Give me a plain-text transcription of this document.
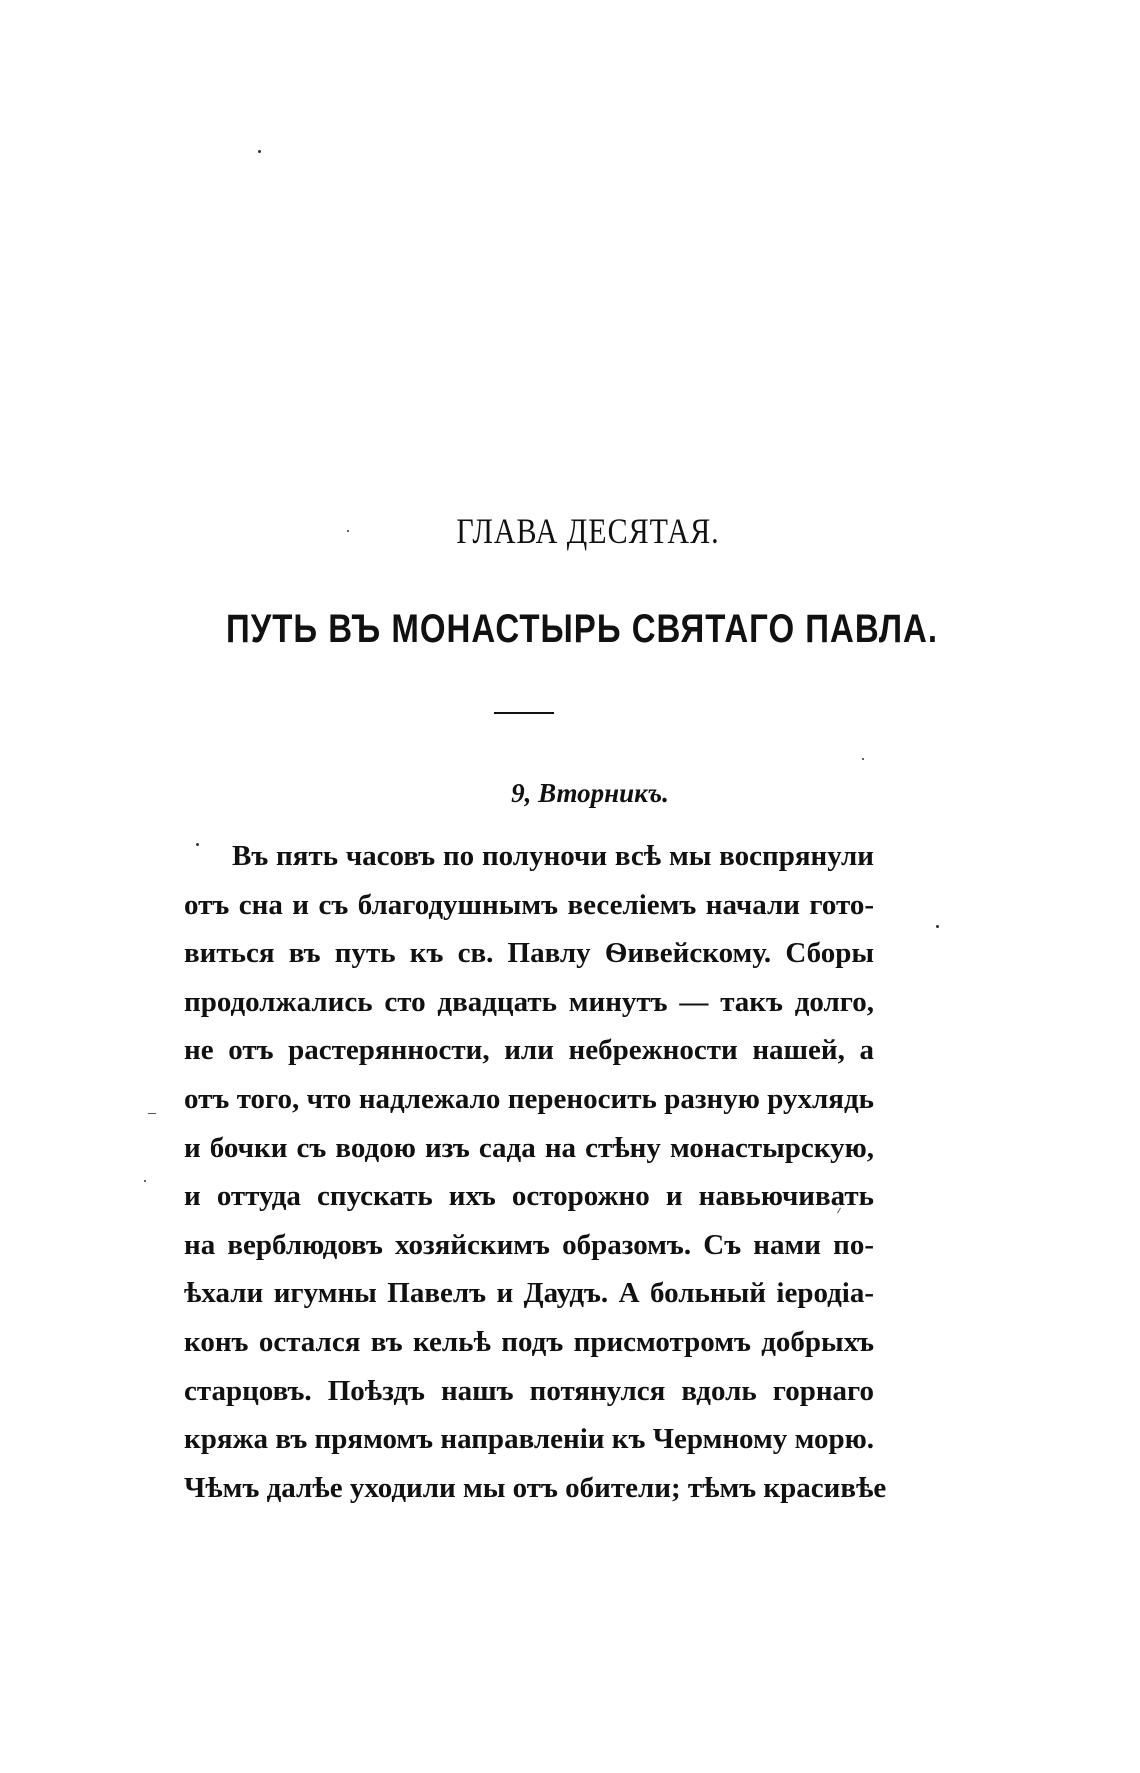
ГЛАВА ДЕСЯТАЯ.
ПУТЬ ВЪ МОНАСТЫРЬ СВЯТАГО ПАВЛА.
9, Вторникъ.
Въ пять часовъ по полуночи всѣ мы воспрянули
отъ сна и съ благодушнымъ веселіемъ начали гото-
виться въ путь къ св. Павлу Ѳивейскому. Сборы
продолжались сто двадцать минутъ — такъ долго,
не отъ растерянности, или небрежности нашей, а
отъ того, что надлежало переносить разную рухлядь
и бочки съ водою изъ сада на стѣну монастырскую,
и оттуда спускать ихъ осторожно и навьючивать
на верблюдовъ хозяйскимъ образомъ. Съ нами по-
ѣхали игумны Павелъ и Даудъ. А больный іеродіа-
конъ остался въ кельѣ подъ присмотромъ добрыхъ
старцовъ. Поѣздъ нашъ потянулся вдоль горнаго
кряжа въ прямомъ направленіи къ Чермному морю.
Чѣмъ далѣе уходили мы отъ обители; тѣмъ красивѣе
